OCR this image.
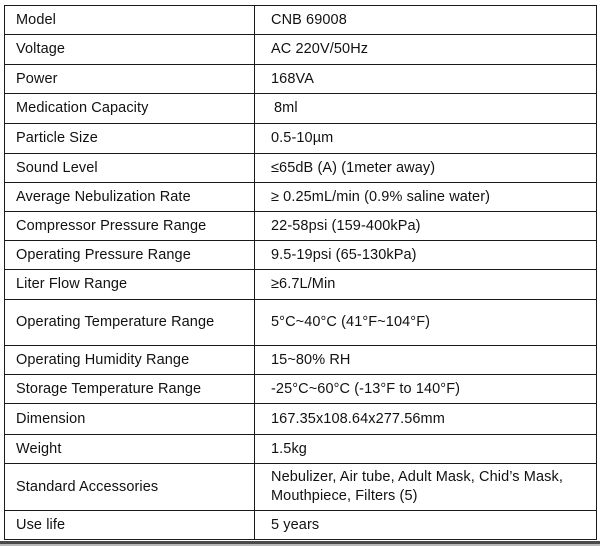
Model	CNB 69008
Voltage	AC 220V/50Hz
Power	168VA
Medication Capacity	8ml
Particle Size	0.5-10µm
Sound Level	≤65dB (A) (1meter away)
Average Nebulization Rate	≥ 0.25mL/min (0.9% saline water)
Compressor Pressure Range	22-58psi (159-400kPa)
Operating Pressure Range	9.5-19psi (65-130kPa)
Liter Flow Range	≥6.7L/Min
Operating Temperature Range	5°C~40°C (41°F~104°F)
Operating Humidity Range	15~80% RH
Storage Temperature Range	-25°C~60°C (-13°F to 140°F)
Dimension	167.35x108.64x277.56mm
Weight	1.5kg
Standard Accessories	Nebulizer, Air tube, Adult Mask, Chid’s Mask, Mouthpiece, Filters (5)
Use life	5 years
